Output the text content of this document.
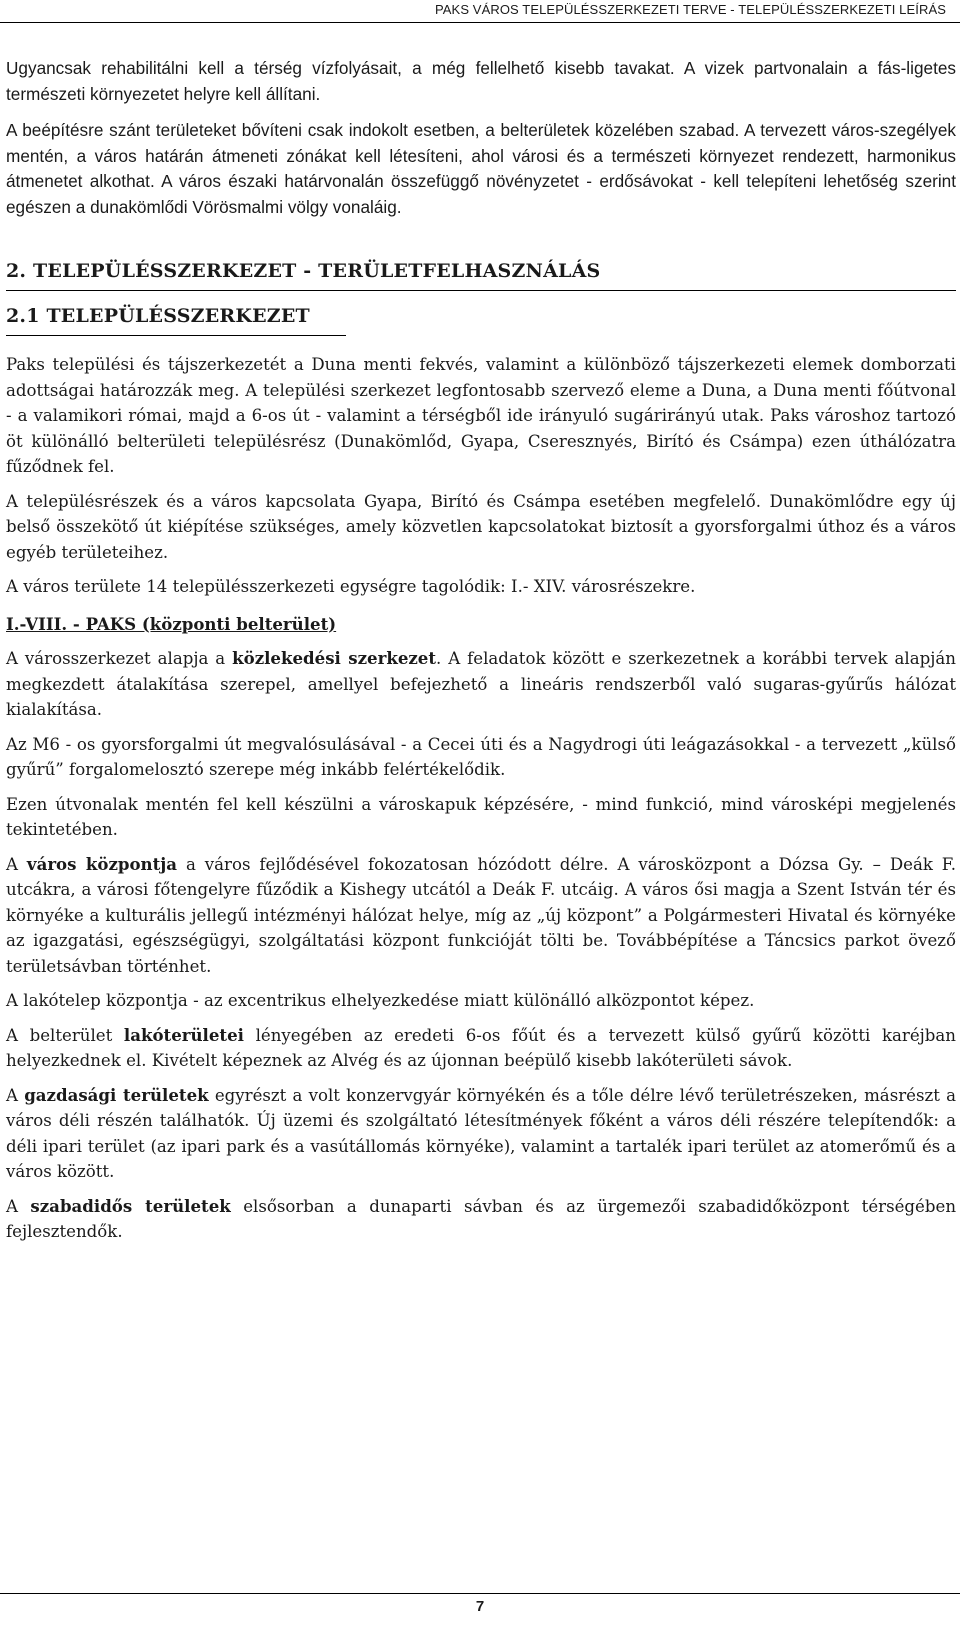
PAKS VÁROS TELEPÜLÉSSZERKEZETI TERVE - TELEPÜLÉSSZERKEZETI LEÍRÁS

Ugyancsak rehabilitálni kell a térség vízfolyásait, a még fellelhető kisebb tavakat. A vizek partvonalain a fás-ligetes természeti környezetet helyre kell állítani.

A beépítésre szánt területeket bővíteni csak indokolt esetben, a belterületek közelében szabad. A tervezett város-szegélyek mentén, a város határán átmeneti zónákat kell létesíteni, ahol városi és a természeti környezet rendezett, harmonikus átmenetet alkothat. A város északi határvonalán összefüggő növényzetet - erdősávokat - kell telepíteni lehetőség szerint egészen a dunakömlődi Vörösmalmi völgy vonaláig.

2. TELEPÜLÉSSZERKEZET - TERÜLETFELHASZNÁLÁS
2.1 TELEPÜLÉSSZERKEZET

Paks települési és tájszerkezetét a Duna menti fekvés, valamint a különböző tájszerkezeti elemek domborzati adottságai határozzák meg. A települési szerkezet legfontosabb szervező eleme a Duna, a Duna menti főútvonal - a valamikori római, majd a 6-os út - valamint a térségből ide irányuló sugárirányú utak. Paks városhoz tartozó öt különálló belterületi településrész (Dunakömlőd, Gyapa, Cseresznyés, Birító és Csámpa) ezen úthálózatra fűződnek fel.

A településrészek és a város kapcsolata Gyapa, Birító és Csámpa esetében megfelelő. Dunakömlődre egy új belső összekötő út kiépítése szükséges, amely közvetlen kapcsolatokat biztosít a gyorsforgalmi úthoz és a város egyéb területeihez.

A város területe 14 településszerkezeti egységre tagolódik: I.- XIV. városrészekre.

I.-VIII. - PAKS (központi belterület)

A városszerkezet alapja a közlekedési szerkezet. A feladatok között e szerkezetnek a korábbi tervek alapján megkezdett átalakítása szerepel, amellyel befejezhető a lineáris rendszerből való sugaras-gyűrűs hálózat kialakítása.

Az M6 - os gyorsforgalmi út megvalósulásával - a Cecei úti és a Nagydrogi úti leágazásokkal - a tervezett „külső gyűrű” forgalomelosztó szerepe még inkább felértékelődik.

Ezen útvonalak mentén fel kell készülni a városkapuk képzésére, - mind funkció, mind városképi megjelenés tekintetében.

A város központja a város fejlődésével fokozatosan hózódott délre. A városközpont a Dózsa Gy. – Deák F. utcákra, a városi főtengelyre fűződik a Kishegy utcától a Deák F. utcáig. A város ősi magja a Szent István tér és környéke a kulturális jellegű intézményi hálózat helye, míg az „új központ” a Polgármesteri Hivatal és környéke az igazgatási, egészségügyi, szolgáltatási központ funkcióját tölti be. Továbbépítése a Táncsics parkot övező területsávban történhet.

A lakótelep központja - az excentrikus elhelyezkedése miatt különálló alközpontot képez.

A belterület lakóterületei lényegében az eredeti 6-os főút és a tervezett külső gyűrű közötti karéjban helyezkednek el. Kivételt képeznek az Alvég és az újonnan beépülő kisebb lakóterületi sávok.

A gazdasági területek egyrészt a volt konzervgyár környékén és a tőle délre lévő területrészeken, másrészt a város déli részén találhatók. Új üzemi és szolgáltató létesítmények főként a város déli részére telepítendők: a déli ipari terület (az ipari park és a vasútállomás környéke), valamint a tartalék ipari terület az atomerőmű és a város között.

A szabadidős területek elsősorban a dunaparti sávban és az ürgemezői szabadidőközpont térségében fejlesztendők.

7
